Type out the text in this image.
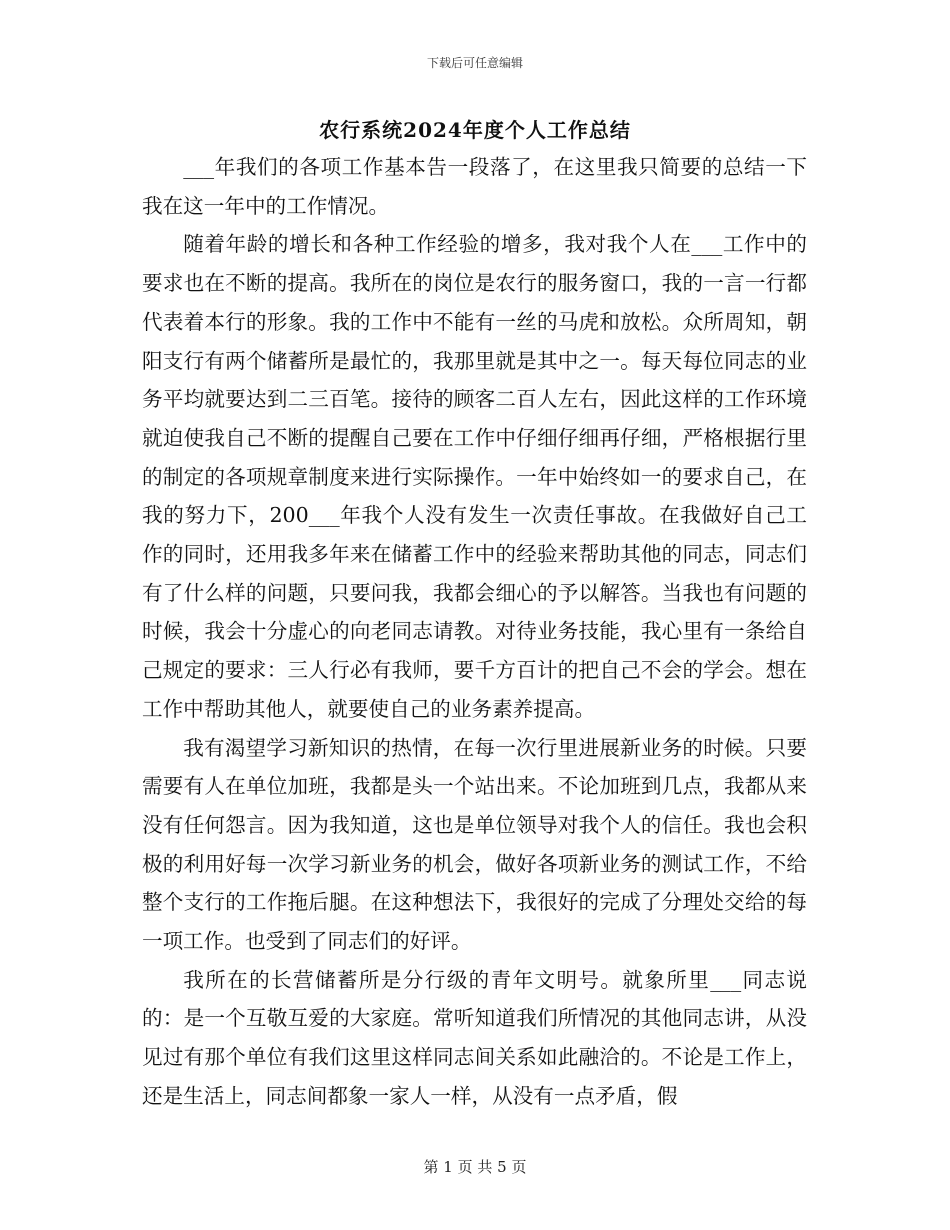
下载后可任意编辑
农行系统2024年度个人工作总结

___年我们的各项工作基本告一段落了，在这里我只简要的总结一下我在这一年中的工作情况。

随着年龄的增长和各种工作经验的增多，我对我个人在___工作中的要求也在不断的提高。我所在的岗位是农行的服务窗口，我的一言一行都代表着本行的形象。我的工作中不能有一丝的马虎和放松。众所周知，朝阳支行有两个储蓄所是最忙的，我那里就是其中之一。每天每位同志的业务平均就要达到二三百笔。接待的顾客二百人左右，因此这样的工作环境就迫使我自己不断的提醒自己要在工作中仔细仔细再仔细，严格根据行里的制定的各项规章制度来进行实际操作。一年中始终如一的要求自己，在我的努力下，200___年我个人没有发生一次责任事故。在我做好自己工作的同时，还用我多年来在储蓄工作中的经验来帮助其他的同志，同志们有了什么样的问题，只要问我，我都会细心的予以解答。当我也有问题的时候，我会十分虚心的向老同志请教。对待业务技能，我心里有一条给自己规定的要求：三人行必有我师，要千方百计的把自己不会的学会。想在工作中帮助其他人，就要使自己的业务素养提高。

我有渴望学习新知识的热情，在每一次行里进展新业务的时候。只要需要有人在单位加班，我都是头一个站出来。不论加班到几点，我都从来没有任何怨言。因为我知道，这也是单位领导对我个人的信任。我也会积极的利用好每一次学习新业务的机会，做好各项新业务的测试工作，不给整个支行的工作拖后腿。在这种想法下，我很好的完成了分理处交给的每一项工作。也受到了同志们的好评。

我所在的长营储蓄所是分行级的青年文明号。就象所里___同志说的：是一个互敬互爱的大家庭。常听知道我们所情况的其他同志讲，从没见过有那个单位有我们这里这样同志间关系如此融洽的。不论是工作上，还是生活上，同志间都象一家人一样，从没有一点矛盾，假

第 1 页 共 5 页
